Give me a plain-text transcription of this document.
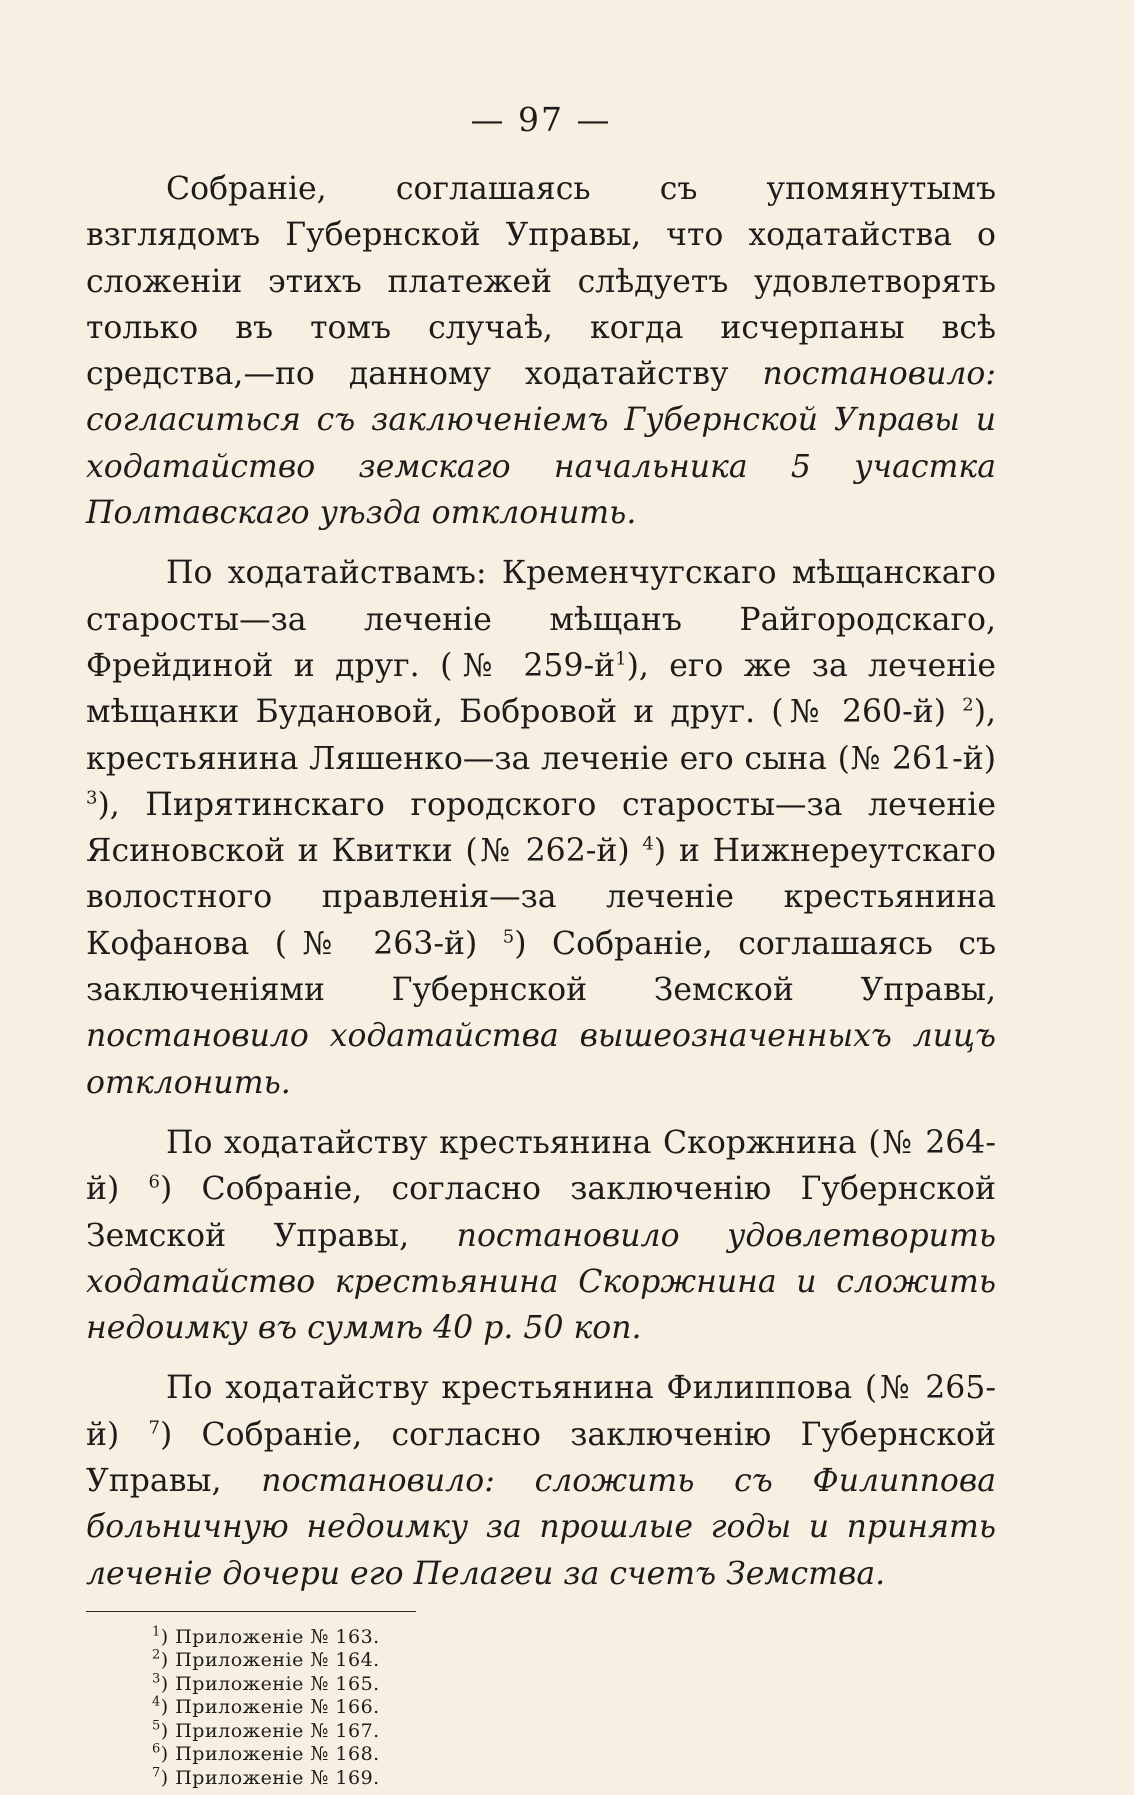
— 97 —

Собраніе, соглашаясь съ упомянутымъ взглядомъ Губернской Управы, что ходатайства о сложеніи этихъ платежей слѣдуетъ удовлетворять только въ томъ случаѣ, когда исчерпаны всѣ средства,—по данному ходатайству постановило: согласиться съ заключеніемъ Губернской Управы и ходатайство земскаго начальника 5 участка Полтавскаго уѣзда отклонить.

По ходатайствамъ: Кременчугскаго мѣщанскаго старосты—за леченіе мѣщанъ Райгородскаго, Фрейдиной и друг. (№ $259-й^1$), его же за леченіе мѣщанки Будановой, Бобровой и друг. (№ 260-й) $^2$), крестьянина Ляшенко—за леченіе его сына (№ 261-й) $^3$), Пирятинскаго городского старосты—за леченіе Ясиновской и Квитки (№ 262-й) $^4$) и Нижнереутскаго волостного правленія—за леченіе крестьянина Кофанова (№ 263-й) $^5$) Собраніе, соглашаясь съ заключеніями Губернской Земской Управы, постановило ходатайства вышеозначенныхъ лицъ отклонить.

По ходатайству крестьянина Скоржнина (№ 264-й) $^6$) Собраніе, согласно заключенію Губернской Земской Управы, постановило удовлетворить ходатайство крестьянина Скоржнина и сложить недоимку въ суммѣ 40 р. 50 коп.

По ходатайству крестьянина Филиппова (№ 265-й) $^7$) Собраніе, согласно заключенію Губернской Управы, постановило: сложить съ Филиппова больничную недоимку за прошлые годы и принять леченіе дочери его Пелагеи за счетъ Земства.

$^1$) Приложеніе № 163.
$^2$) Приложеніе № 164.
$^3$) Приложеніе № 165.
$^4$) Приложеніе № 166.
$^5$) Приложеніе № 167.
$^6$) Приложеніе № 168.
$^7$) Приложеніе № 169.
